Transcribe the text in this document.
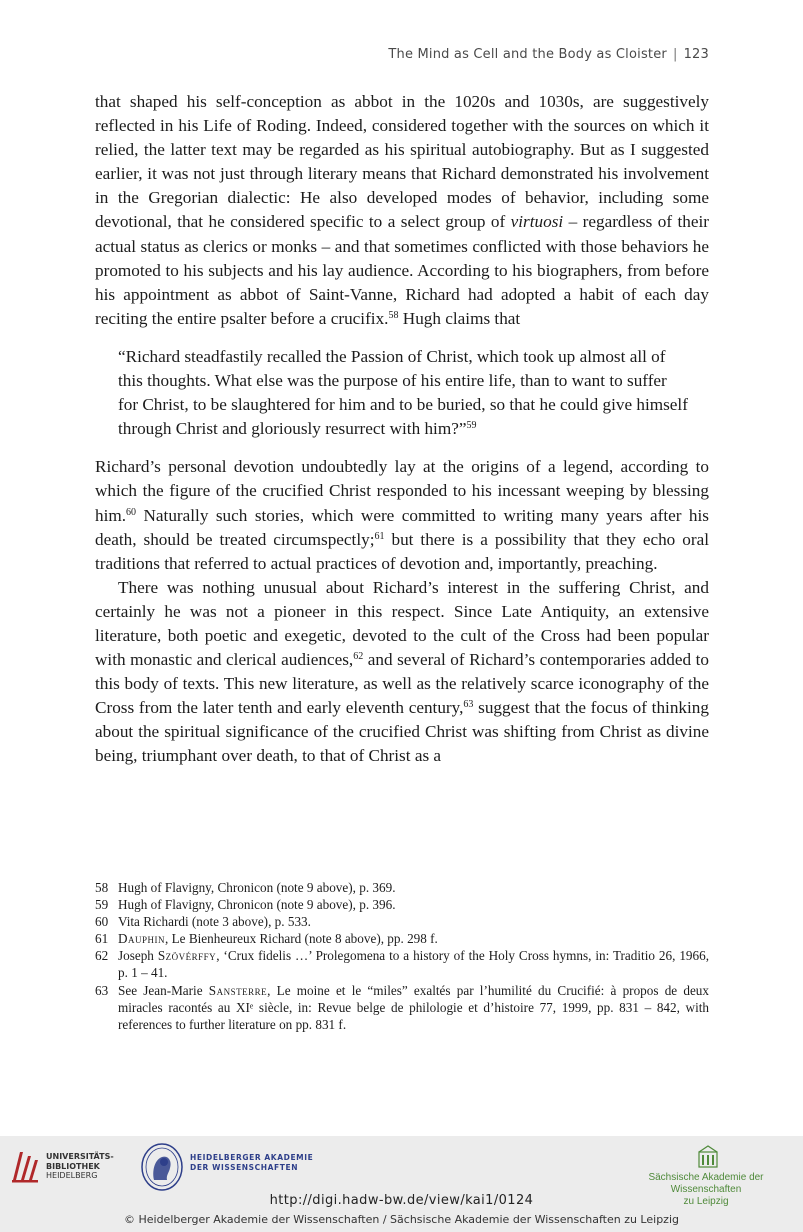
The Mind as Cell and the Body as Cloister | 123

that shaped his self-conception as abbot in the 1020s and 1030s, are suggestively reflected in his Life of Roding. Indeed, considered together with the sources on which it relied, the latter text may be regarded as his spiritual autobiography. But as I suggested earlier, it was not just through literary means that Richard demonstrated his involvement in the Gregorian dialectic: He also developed modes of behavior, including some devotional, that he considered specific to a select group of virtuosi – regardless of their actual status as clerics or monks – and that sometimes conflicted with those behaviors he promoted to his subjects and his lay audience. According to his biographers, from before his appointment as abbot of Saint-Vanne, Richard had adopted a habit of each day reciting the entire psalter before a crucifix.$^{58}$ Hugh claims that

“Richard steadfastily recalled the Passion of Christ, which took up almost all of this thoughts. What else was the purpose of his entire life, than to want to suffer for Christ, to be slaughtered for him and to be buried, so that he could give himself through Christ and gloriously resurrect with him?”$^{59}$

Richard’s personal devotion undoubtedly lay at the origins of a legend, according to which the figure of the crucified Christ responded to his incessant weeping by blessing him.$^{60}$ Naturally such stories, which were committed to writing many years after his death, should be treated circumspectly;$^{61}$ but there is a possibility that they echo oral traditions that referred to actual practices of devotion and, importantly, preaching.

There was nothing unusual about Richard’s interest in the suffering Christ, and certainly he was not a pioneer in this respect. Since Late Antiquity, an extensive literature, both poetic and exegetic, devoted to the cult of the Cross had been popular with monastic and clerical audiences,$^{62}$ and several of Richard’s contemporaries added to this body of texts. This new literature, as well as the relatively scarce iconography of the Cross from the later tenth and early eleventh century,$^{63}$ suggest that the focus of thinking about the spiritual significance of the crucified Christ was shifting from Christ as divine being, triumphant over death, to that of Christ as a

58 Hugh of Flavigny, Chronicon (note 9 above), p. 369.
59 Hugh of Flavigny, Chronicon (note 9 above), p. 396.
60 Vita Richardi (note 3 above), p. 533.
61 Dauphin, Le Bienheureux Richard (note 8 above), pp. 298 f.
62 Joseph Szövérffy, ‘Crux fidelis …’ Prolegomena to a history of the Holy Cross hymns, in: Traditio 26, 1966, p. 1 – 41.
63 See Jean-Marie Sansterre, Le moine et le “miles” exaltés par l’humilité du Crucifié: à propos de deux miracles racontés au XIᵉ siècle, in: Revue belge de philologie et d’histoire 77, 1999, pp. 831 – 842, with references to further literature on pp. 831 f.
UNIVERSITÄTS-
BIBLIOTHEK
HEIDELBERG
HEIDELBERGER AKADEMIE
DER WISSENSCHAFTEN
Sächsische Akademie der Wissenschaften
zu Leipzig
http://digi.hadw-bw.de/view/kai1/0124
© Heidelberger Akademie der Wissenschaften / Sächsische Akademie der Wissenschaften zu Leipzig
